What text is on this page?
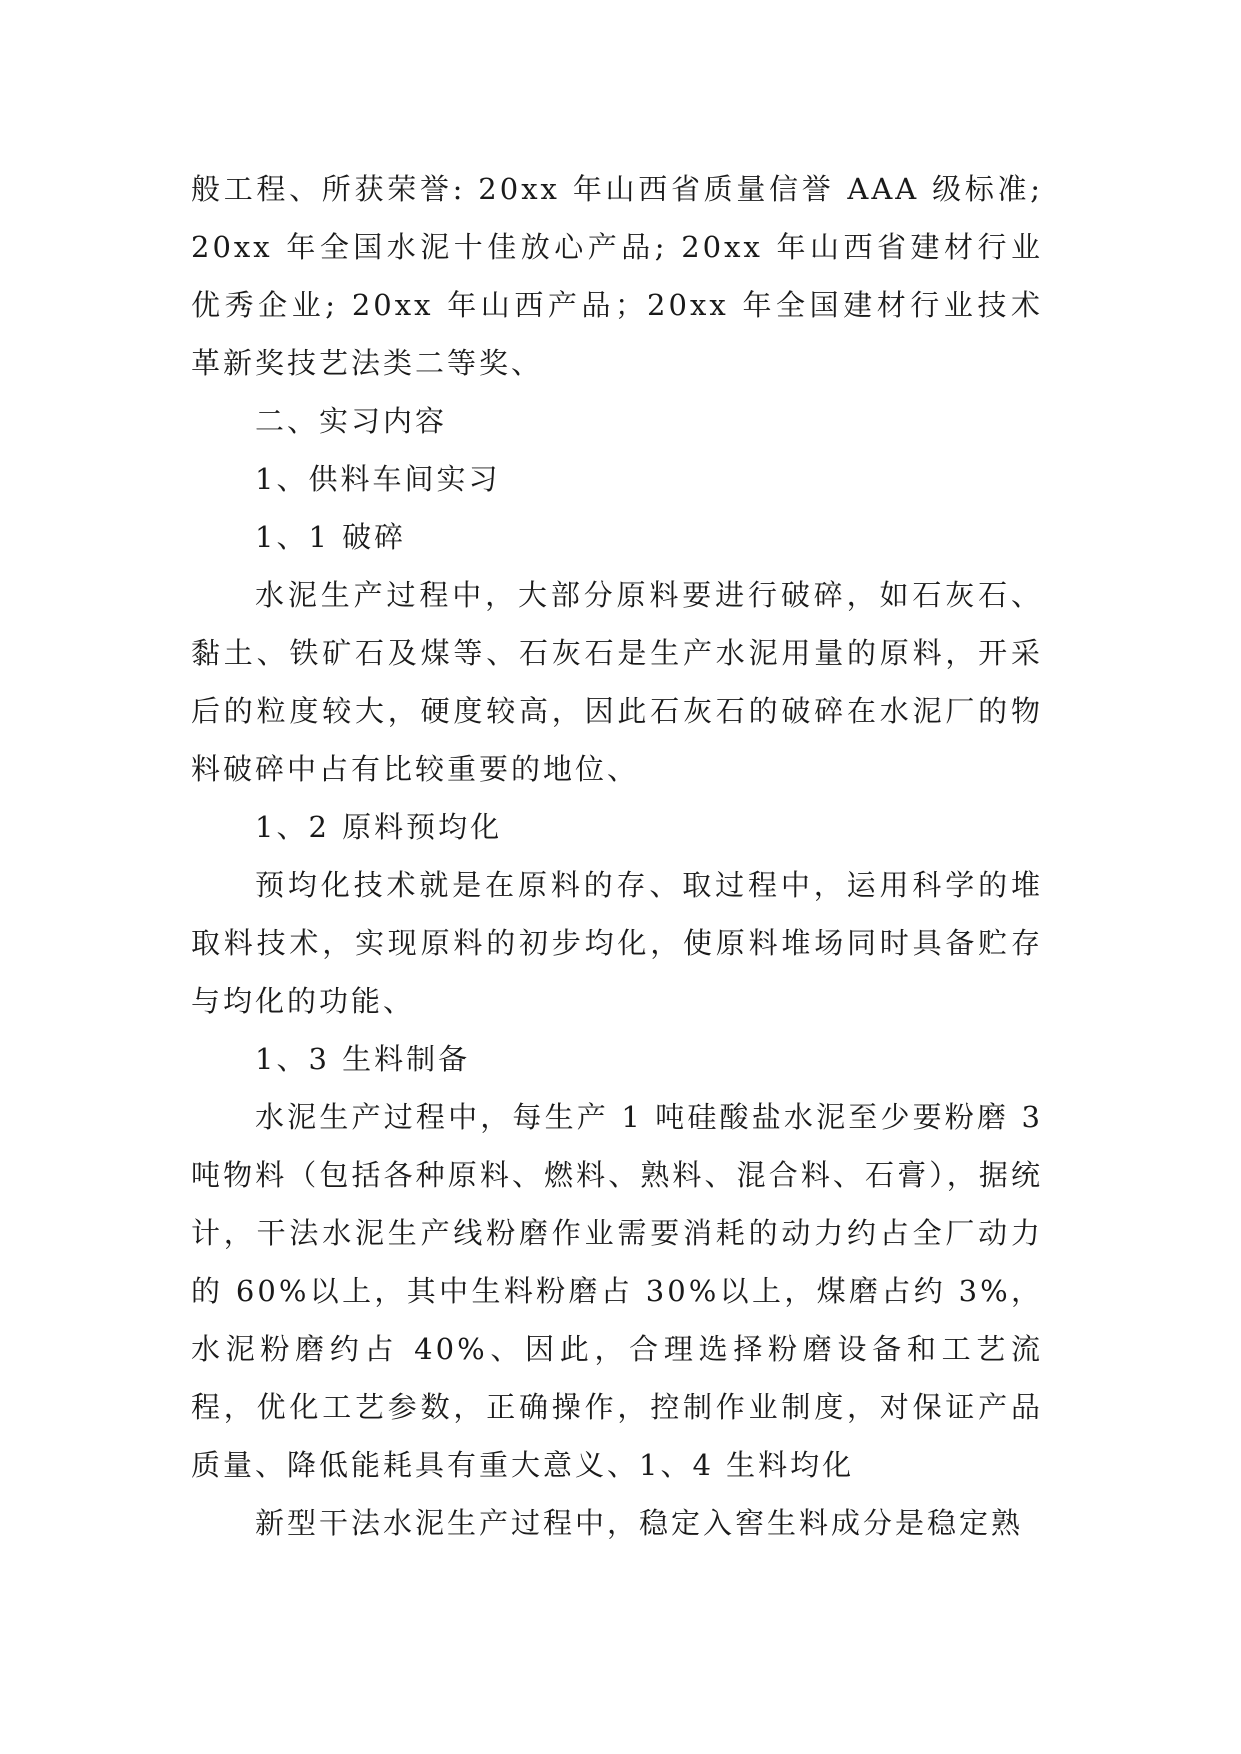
般工程、所获荣誉: 20xx 年山西省质量信誉 AAA 级标准; 20xx 年全国水泥十佳放心产品; 20xx 年山西省建材行业优秀企业; 20xx 年山西产品；20xx 年全国建材行业技术革新奖技艺法类二等奖、

二、实习内容

1、供料车间实习

1、1 破碎

水泥生产过程中，大部分原料要进行破碎，如石灰石、黏土、铁矿石及煤等、石灰石是生产水泥用量的原料，开采后的粒度较大，硬度较高，因此石灰石的破碎在水泥厂的物料破碎中占有比较重要的地位、

1、2 原料预均化

预均化技术就是在原料的存、取过程中，运用科学的堆取料技术，实现原料的初步均化，使原料堆场同时具备贮存与均化的功能、

1、3 生料制备

水泥生产过程中，每生产 1 吨硅酸盐水泥至少要粉磨 3 吨物料（包括各种原料、燃料、熟料、混合料、石膏），据统计，干法水泥生产线粉磨作业需要消耗的动力约占全厂动力的 60%以上，其中生料粉磨占 30%以上，煤磨占约 3%，水泥粉磨约占 40%、因此，合理选择粉磨设备和工艺流程，优化工艺参数，正确操作，控制作业制度，对保证产品质量、降低能耗具有重大意义、1、4 生料均化

新型干法水泥生产过程中，稳定入窖生料成分是稳定熟
